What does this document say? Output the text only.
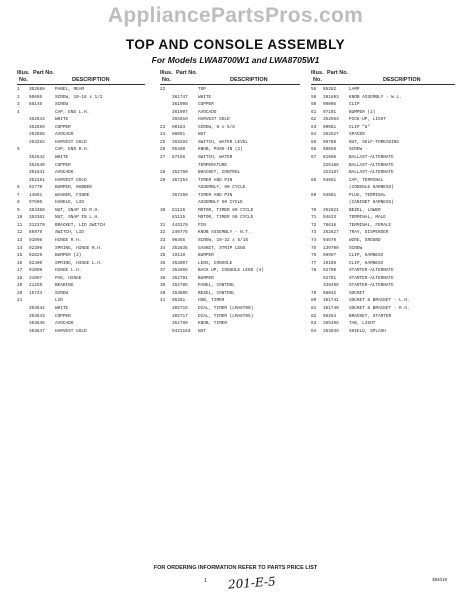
AppliancePartsPros.com
TOP AND CONSOLE ASSEMBLY
For Models LWA8700W1 and LWA8705W1
Illus. Part No.
No.	DESCRIPTION
1 352689 PANEL, REAR
2 90605	SCREW, 10-16 x 1/2
3 88146	SCREW
4	CAP, END L.H.
352843 WHITE
352859 COPPER
352858 AVOCADO
353262 HARVEST GOLD
5	CAP, END R.H.
352842 WHITE
352840 COPPER
351841 AVOCADO
352261 HARVEST GOLD
6 92770	BUMPER, RUBBER
7 14851	WASHER, FIBRE
8 97690	HANDLE, LID
9 353360 NUT, SNAP IN R.H.
10 353361 NUT, SNAP IN L.H.
11 312379 BRACKET, LID SWITCH
12 85979	SWITCH, LID
13 91098	HINGE R.H.
14 92399	SPRING, HINGE R.H.
15 92829	BUMPER (2)
16 92400	SPRING, HINGE L.H.
17 91099	HINGE L.H.
18 31097	PAD, HINGE
19 21259	BEARING
20 15724	SCREW
21	LID
353844 WHITE
353843 COPPER
353846 AVOCADO
353847 HARVEST GOLD
Illus. Part No.
No.	DESCRIPTION
22	TOP
361747 WHITE
361998 COPPER
361997 AVOCADO
365010 HARVEST GOLD
23 90183	SCREW, 8 x 5/8
24 98051	NUT
25 363292 SWITCH, WATER LEVEL
26 95460	KNOB, PUSH-IN (2)
27 87156	SWITCH, WATER
TEMPERATURE
28 352760 BRACKET, CONTROL
29 367254 TIMER AND PIN
ASSEMBLY, 60 CYCLE
367260 TIMER AND PIN
ASSEMBLY 50 CYCLE
30 81126	MOTOR, TIMER 60 CYCLE
81125	MOTOR, TIMER 50 CYCLE
31 443170 PIN
32 240776 KNOB ASSEMBLY - N.T.
33 96455	SCREW, 10-32 x 5/16
34 352835 GASKET, STRIP LENS
35 19119	BUMPER
36 352807 LENS, CONSOLE
37 352865 BACK UP, CONSOLE LENS (4)
38 352791 BUMPER
39 352785 PANEL, CONTROL
40 353805 BEZEL, CONTROL
41 95281	HUB, TIMER
365716 DIAL, TIMER (LMA8700)
365717 DIAL, TIMER (LMA8705)
351789 KNOB, TIMER
9421163 NUT
Illus. Part No.
No.	DESCRIPTION
58 95282	LAMP
59 361893 KNOB ASSEMBLY - W.L.
60 90005	CLIP
61 97101	BUMPER (2)
62 352553 PICK-UP, LIGHT
63 90081	CLIP "U"
64 352627 SPACER
65 99788	NUT, SELF-THREADING
66 98059	SCREW
67 81660	BALLAST-ALTERNATE
325186 BALLAST-ALTERNATE
323187 BALLAST-ALTERNATE
68 94651	CAP, TERMINAL
(CONSOLE HARNESS)
69 94681	PLUG, TERMINAL
(CABINET HARNESS)
70 352821 BEZEL, LOWER
71 94633	TERMINAL, MALE
72 79616	TERMINAL, FEMALE
73 352827 TRAY, DISPENSER
74 94570	WIRE, GROUND
75 139709 SCREW
76 98997	CLIP, HARNESS
77 19169	CLIP, HARNESS
78 92790	STARTER-ALTERNATE
92791	STARTER-ALTERNATE
339499 STARTER-ALTERNATE
79 88042	SOCKET
80 361741 SOCKET & BRACKET - L.H.
81 361740 SOCKET & BRACKET - R.H.
82 95284	BRACKET, STARTER
83 365496 TAB, LIGHT
84 353839 SHIELD, SPLASH
FOR ORDERING INFORMATION REFER TO PARTS PRICE LIST
1 201-E-5	384019
